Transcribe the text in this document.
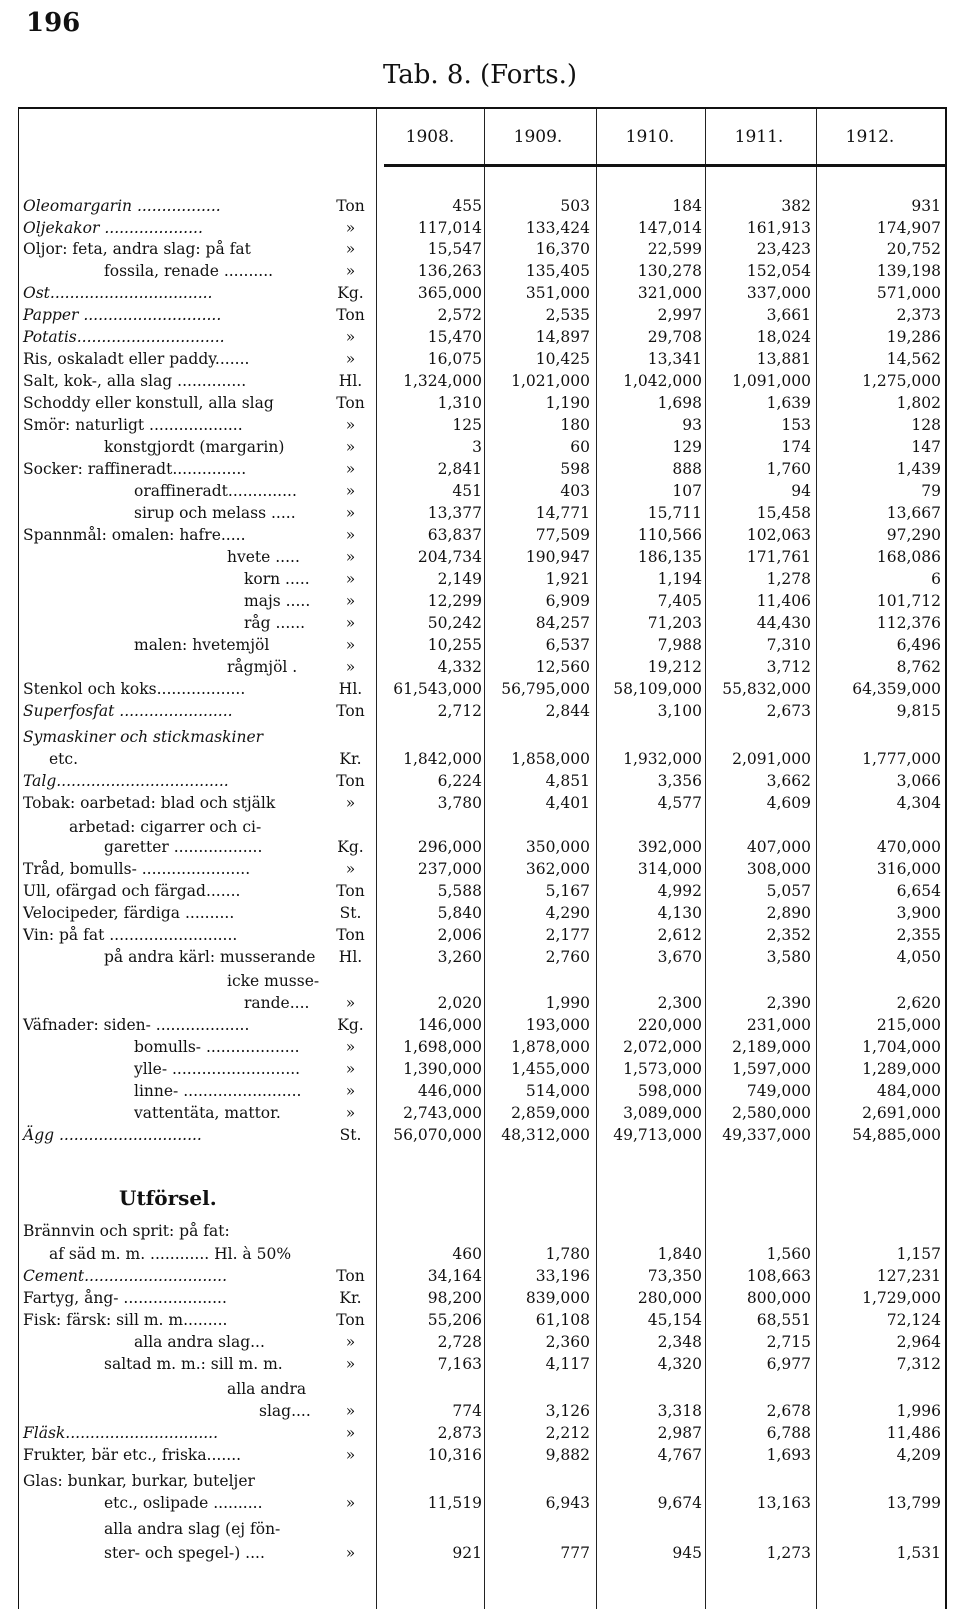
196
Tab. 8. (Forts.)
1908.	1909.	1910.	1911.	1912.
Utförsel.
Oleomargarin .................	Ton	455	503	184	382	931
Oljekakor ....................	»	117,014	133,424	147,014	161,913	174,907
Oljor: feta, andra slag: på fat	»	15,547	16,370	22,599	23,423	20,752
fossila, renade ..........	»	136,263	135,405	130,278	152,054	139,198
Ost.................................	Kg.	365,000	351,000	321,000	337,000	571,000
Papper ............................	Ton	2,572	2,535	2,997	3,661	2,373
Potatis..............................	»	15,470	14,897	29,708	18,024	19,286
Ris, oskaladt eller paddy.......	»	16,075	10,425	13,341	13,881	14,562
Salt, kok-, alla slag ..............	Hl.	1,324,000	1,021,000	1,042,000	1,091,000	1,275,000
Schoddy eller konstull, alla slag	Ton	1,310	1,190	1,698	1,639	1,802
Smör: naturligt ...................	»	125	180	93	153	128
konstgjordt (margarin)	»	3	60	129	174	147
Socker: raffineradt...............	»	2,841	598	888	1,760	1,439
oraffineradt..............	»	451	403	107	94	79
sirup och melass .....	»	13,377	14,771	15,711	15,458	13,667
Spannmål: omalen: hafre.....	»	63,837	77,509	110,566	102,063	97,290
hvete .....	»	204,734	190,947	186,135	171,761	168,086
korn .....	»	2,149	1,921	1,194	1,278	6
majs .....	»	12,299	6,909	7,405	11,406	101,712
råg ......	»	50,242	84,257	71,203	44,430	112,376
malen: hvetemjöl	»	10,255	6,537	7,988	7,310	6,496
rågmjöl .	»	4,332	12,560	19,212	3,712	8,762
Stenkol och koks..................	Hl.	61,543,000	56,795,000	58,109,000	55,832,000	64,359,000
Superfosfat .......................	Ton	2,712	2,844	3,100	2,673	9,815
Symaskiner och stickmaskiner
etc.	Kr.	1,842,000	1,858,000	1,932,000	2,091,000	1,777,000
Talg...................................	Ton	6,224	4,851	3,356	3,662	3,066
Tobak: oarbetad: blad och stjälk	»	3,780	4,401	4,577	4,609	4,304
arbetad: cigarrer och ci-
garetter ..................	Kg.	296,000	350,000	392,000	407,000	470,000
Tråd, bomulls- ......................	»	237,000	362,000	314,000	308,000	316,000
Ull, ofärgad och färgad.......	Ton	5,588	5,167	4,992	5,057	6,654
Velocipeder, färdiga ..........	St.	5,840	4,290	4,130	2,890	3,900
Vin: på fat ..........................	Ton	2,006	2,177	2,612	2,352	2,355
på andra kärl: musserande	Hl.	3,260	2,760	3,670	3,580	4,050
icke musse-
rande....	»	2,020	1,990	2,300	2,390	2,620
Väfnader: siden- ...................	Kg.	146,000	193,000	220,000	231,000	215,000
bomulls- ...................	»	1,698,000	1,878,000	2,072,000	2,189,000	1,704,000
ylle- ..........................	»	1,390,000	1,455,000	1,573,000	1,597,000	1,289,000
linne- ........................	»	446,000	514,000	598,000	749,000	484,000
vattentäta, mattor.	»	2,743,000	2,859,000	3,089,000	2,580,000	2,691,000
Ägg .............................	St.	56,070,000	48,312,000	49,713,000	49,337,000	54,885,000
Brännvin och sprit: på fat:
af säd m. m. ............ Hl. à 50%	460	1,780	1,840	1,560	1,157
Cement.............................	Ton	34,164	33,196	73,350	108,663	127,231
Fartyg, ång- .....................	Kr.	98,200	839,000	280,000	800,000	1,729,000
Fisk: färsk: sill m. m.........	Ton	55,206	61,108	45,154	68,551	72,124
alla andra slag...	»	2,728	2,360	2,348	2,715	2,964
saltad m. m.: sill m. m.	»	7,163	4,117	4,320	6,977	7,312
alla andra
slag....	»	774	3,126	3,318	2,678	1,996
Fläsk...............................	»	2,873	2,212	2,987	6,788	11,486
Frukter, bär etc., friska.......	»	10,316	9,882	4,767	1,693	4,209
Glas: bunkar, burkar, buteljer
etc., oslipade ..........	»	11,519	6,943	9,674	13,163	13,799
alla andra slag (ej fön-
ster- och spegel-) ....	»	921	777	945	1,273	1,531
